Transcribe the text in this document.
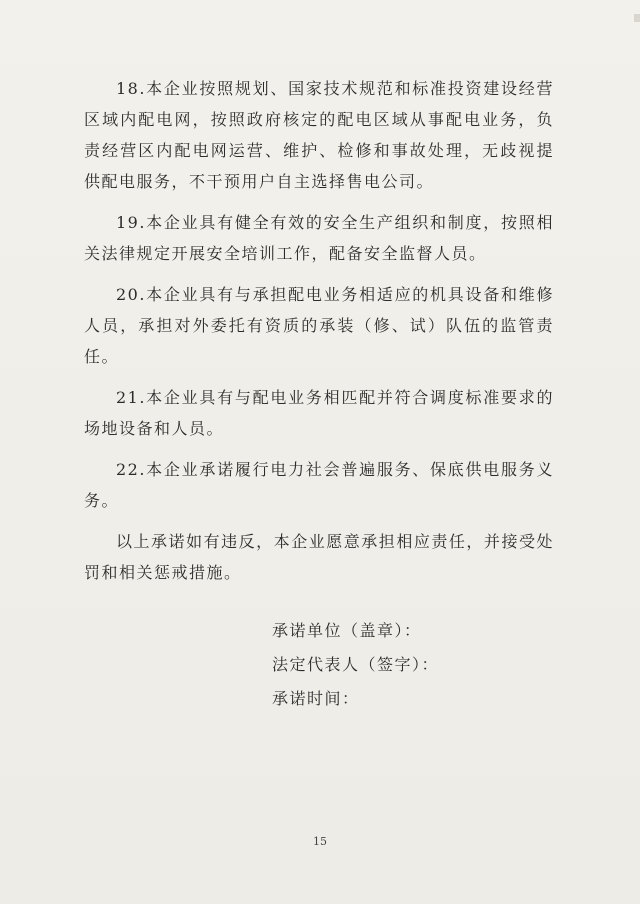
18.本企业按照规划、国家技术规范和标准投资建设经营区域内配电网，按照政府核定的配电区域从事配电业务，负责经营区内配电网运营、维护、检修和事故处理，无歧视提供配电服务，不干预用户自主选择售电公司。

19.本企业具有健全有效的安全生产组织和制度，按照相关法律规定开展安全培训工作，配备安全监督人员。

20.本企业具有与承担配电业务相适应的机具设备和维修人员，承担对外委托有资质的承装（修、试）队伍的监管责任。

21.本企业具有与配电业务相匹配并符合调度标准要求的场地设备和人员。

22.本企业承诺履行电力社会普遍服务、保底供电服务义务。

以上承诺如有违反，本企业愿意承担相应责任，并接受处罚和相关惩戒措施。

承诺单位（盖章）：

法定代表人（签字）：

承诺时间：

15
